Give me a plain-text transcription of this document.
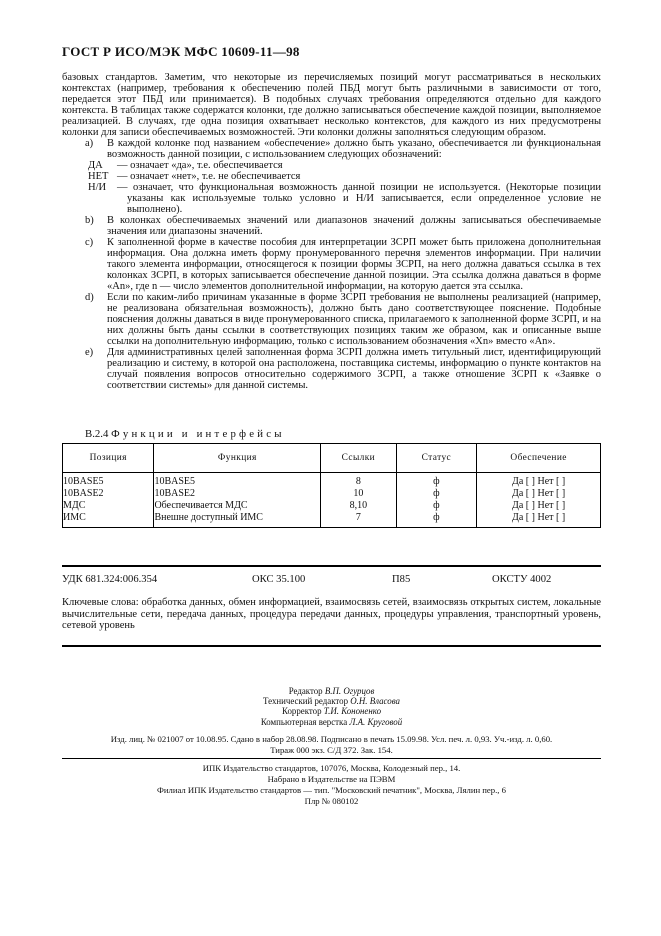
ГОСТ Р ИСО/МЭК МФС 10609-11—98
базовых стандартов. Заметим, что некоторые из перечисляемых позиций могут рассматриваться в нескольких контекстах (например, требования к обеспечению полей ПБД могут быть различными в зависимости от того, передается этот ПБД или принимается). В подобных случаях требования определяются отдельно для каждого контекста. В таблицах также содержатся колонки, где должно записываться обеспечение каждой позиции, выполняемое реализацией. В случаях, где одна позиция охватывает несколько контекстов, для каждого из них предусмотрены колонки для записи обеспечиваемых возможностей. Эти колонки должны заполняться следующим образом.
a) В каждой колонке под названием «обеспечение» должно быть указано, обеспечивается ли функциональная возможность данной позиции, с использованием следующих обозначений:
ДА — означает «да», т.е. обеспечивается
НЕТ — означает «нет», т.е. не обеспечивается
Н/И — означает, что функциональная возможность данной позиции не используется. (Некоторые позиции указаны как используемые только условно и Н/И записывается, если определенное условие не выполнено).
b) В колонках обеспечиваемых значений или диапазонов значений должны записываться обеспечиваемые значения или диапазоны значений.
c) К заполненной форме в качестве пособия для интерпретации ЗСРП может быть приложена дополнительная информация. Она должна иметь форму пронумерованного перечня элементов информации. При наличии такого элемента информации, относящегося к позиции формы ЗСРП, на него должна даваться ссылка в тех колонках ЗСРП, в которых записывается обеспечение данной позиции. Эта ссылка должна даваться в форме «Аn», где n — число элементов дополнительной информации, на которую дается эта ссылка.
d) Если по каким-либо причинам указанные в форме ЗСРП требования не выполнены реализацией (например, не реализована обязательная возможность), должно быть дано соответствующее пояснение. Подобные пояснения должны даваться в виде пронумерованного списка, прилагаемого к заполненной форме ЗСРП, и на них должны быть даны ссылки в соответствующих позициях таким же образом, как и описанные выше ссылки на дополнительную информацию, только с использованием обозначения «Хn» вместо «Аn».
e) Для административных целей заполненная форма ЗСРП должна иметь титульный лист, идентифицирующий реализацию и систему, в которой она расположена, поставщика системы, информацию о пункте контактов на случай появления вопросов относительно содержимого ЗСРП, а также отношение ЗСРП к «Заявке о соответствии системы» для данной системы.
В.2.4 Функции и интерфейсы
Позиция	Функция	Ссылки	Статус	Обеспечение
10BASE5	10BASE5	8	ф	Да [ ] Нет [ ]
10BASE2	10BASE2	10	ф	Да [ ] Нет [ ]
МДС	Обеспечивается МДС	8,10	ф	Да [ ] Нет [ ]
ИМС	Внешне доступный ИМС	7	ф	Да [ ] Нет [ ]
УДК 681.324:006.354	ОКС 35.100	П85	ОКСТУ 4002
Ключевые слова: обработка данных, обмен информацией, взаимосвязь сетей, взаимосвязь открытых систем, локальные вычислительные сети, передача данных, процедура передачи данных, процедуры управления, транспортный уровень, сетевой уровень
Редактор В.П. Огурцов
Технический редактор О.Н. Власова
Корректор Т.И. Кононенко
Компьютерная верстка Л.А. Круговой
Изд. лиц. № 021007 от 10.08.95. Сдано в набор 28.08.98. Подписано в печать 15.09.98. Усл. печ. л. 0,93. Уч.-изд. л. 0,60.
Тираж 000 экз. С/Д 372. Зак. 154.
ИПК Издательство стандартов, 107076, Москва, Колодезный пер., 14.
Набрано в Издательстве на ПЭВМ
Филиал ИПК Издательство стандартов — тип. "Московский печатник", Москва, Лялин пер., 6
Плр № 080102
